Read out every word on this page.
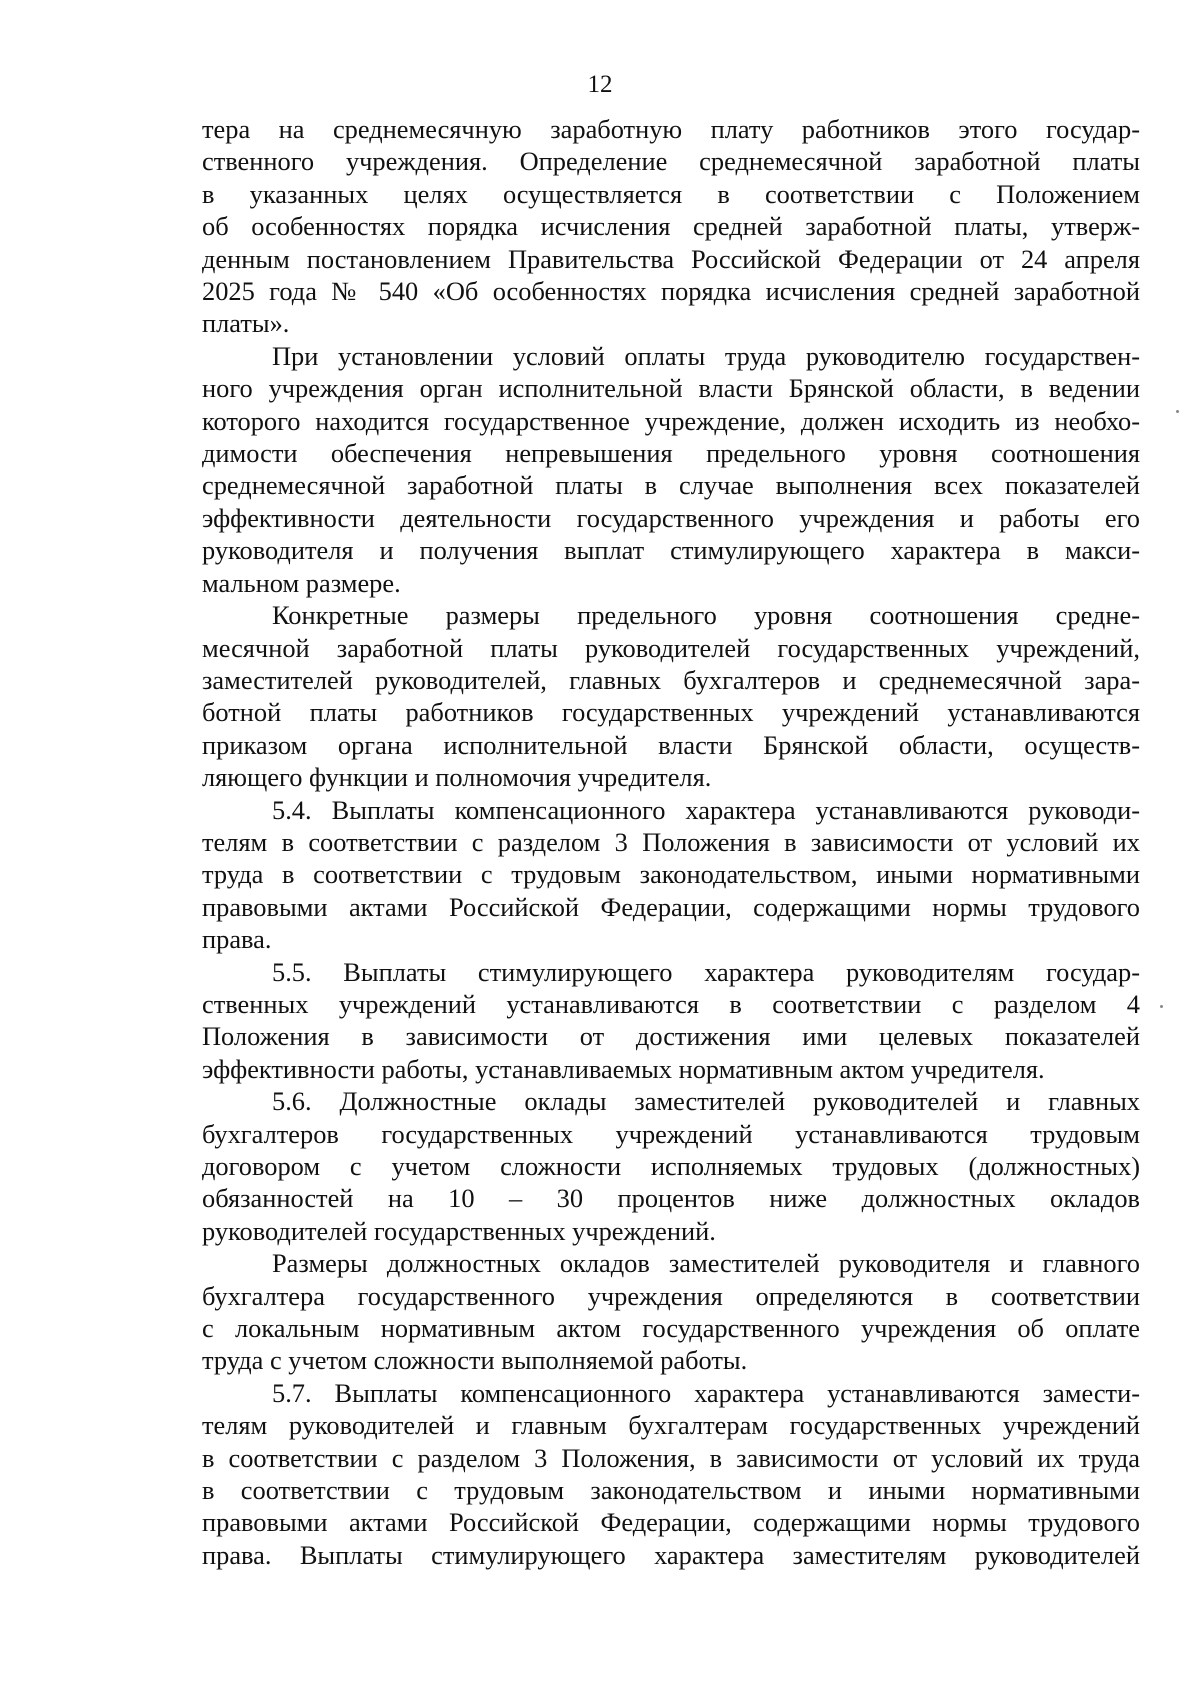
12
тера на среднемесячную заработную плату работников этого государ-
ственного учреждения. Определение среднемесячной заработной платы
в указанных целях осуществляется в соответствии с Положением
об особенностях порядка исчисления средней заработной платы, утверж-
денным постановлением Правительства Российской Федерации от 24 апреля
2025 года № 540 «Об особенностях порядка исчисления средней заработной
платы».
При установлении условий оплаты труда руководителю государствен-
ного учреждения орган исполнительной власти Брянской области, в ведении
которого находится государственное учреждение, должен исходить из необхо-
димости обеспечения непревышения предельного уровня соотношения
среднемесячной заработной платы в случае выполнения всех показателей
эффективности деятельности государственного учреждения и работы его
руководителя и получения выплат стимулирующего характера в макси-
мальном размере.
Конкретные размеры предельного уровня соотношения средне-
месячной заработной платы руководителей государственных учреждений,
заместителей руководителей, главных бухгалтеров и среднемесячной зара-
ботной платы работников государственных учреждений устанавливаются
приказом органа исполнительной власти Брянской области, осуществ-
ляющего функции и полномочия учредителя.
5.4. Выплаты компенсационного характера устанавливаются руководи-
телям в соответствии с разделом 3 Положения в зависимости от условий их
труда в соответствии с трудовым законодательством, иными нормативными
правовыми актами Российской Федерации, содержащими нормы трудового
права.
5.5. Выплаты стимулирующего характера руководителям государ-
ственных учреждений устанавливаются в соответствии с разделом 4
Положения в зависимости от достижения ими целевых показателей
эффективности работы, устанавливаемых нормативным актом учредителя.
5.6. Должностные оклады заместителей руководителей и главных
бухгалтеров государственных учреждений устанавливаются трудовым
договором с учетом сложности исполняемых трудовых (должностных)
обязанностей на 10 – 30 процентов ниже должностных окладов
руководителей государственных учреждений.
Размеры должностных окладов заместителей руководителя и главного
бухгалтера государственного учреждения определяются в соответствии
с локальным нормативным актом государственного учреждения об оплате
труда с учетом сложности выполняемой работы.
5.7. Выплаты компенсационного характера устанавливаются замести-
телям руководителей и главным бухгалтерам государственных учреждений
в соответствии с разделом 3 Положения, в зависимости от условий их труда
в соответствии с трудовым законодательством и иными нормативными
правовыми актами Российской Федерации, содержащими нормы трудового
права. Выплаты стимулирующего характера заместителям руководителей
